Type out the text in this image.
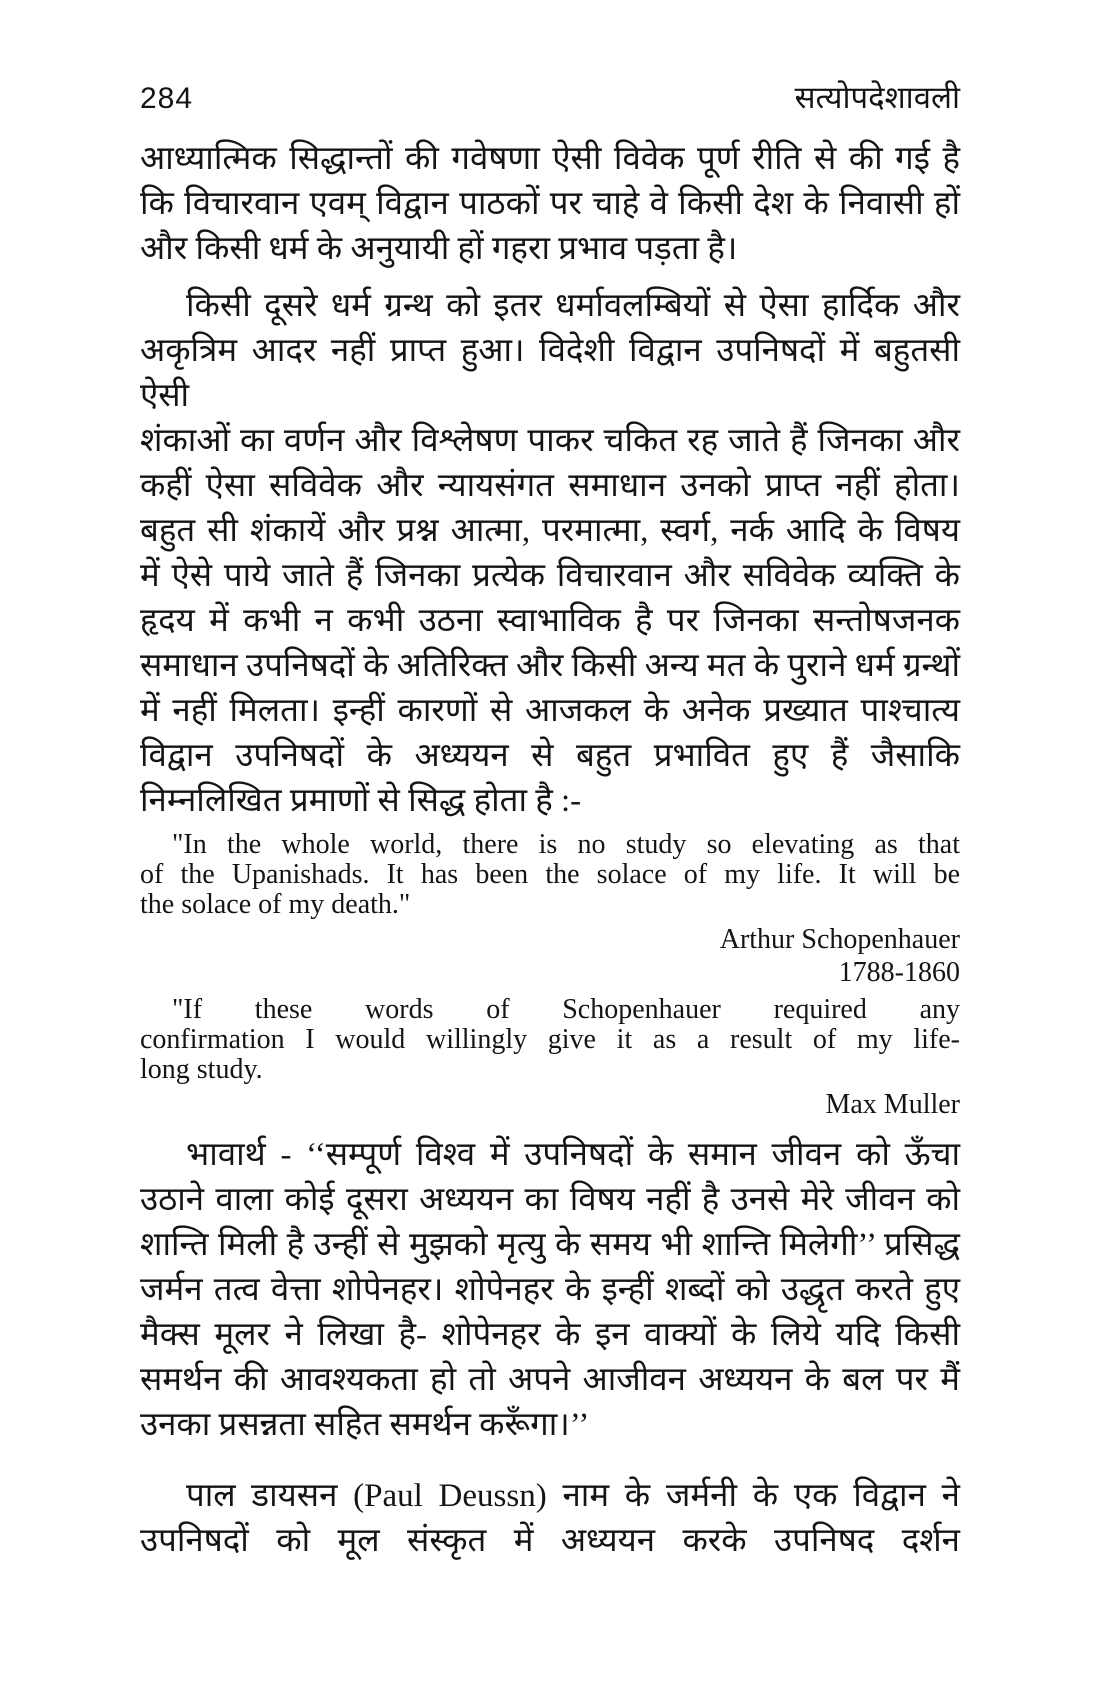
284	सत्योपदेशावली
आध्यात्मिक सिद्धान्तों की गवेषणा ऐसी विवेक पूर्ण रीति से की गई है
कि विचारवान एवम् विद्वान पाठकों पर चाहे वे किसी देश के निवासी हों
और किसी धर्म के अनुयायी हों गहरा प्रभाव पड़ता है।
किसी दूसरे धर्म ग्रन्थ को इतर धर्मावलम्बियों से ऐसा हार्दिक और
अकृत्रिम आदर नहीं प्राप्त हुआ। विदेशी विद्वान उपनिषदों में बहुतसी ऐसी
शंकाओं का वर्णन और विश्लेषण पाकर चकित रह जाते हैं जिनका और
कहीं ऐसा सविवेक और न्यायसंगत समाधान उनको प्राप्त नहीं होता।
बहुत सी शंकायें और प्रश्न आत्मा, परमात्मा, स्वर्ग, नर्क आदि के विषय
में ऐसे पाये जाते हैं जिनका प्रत्येक विचारवान और सविवेक व्यक्ति के
हृदय में कभी न कभी उठना स्वाभाविक है पर जिनका सन्तोषजनक
समाधान उपनिषदों के अतिरिक्त और किसी अन्य मत के पुराने धर्म ग्रन्थों
में नहीं मिलता। इन्हीं कारणों से आजकल के अनेक प्रख्यात पाश्चात्य
विद्वान उपनिषदों के अध्ययन से बहुत प्रभावित हुए हैं जैसाकि
निम्नलिखित प्रमाणों से सिद्ध होता है :-
"In the whole world, there is no study so elevating as that
of the Upanishads. It has been the solace of my life. It will be
the solace of my death."
Arthur Schopenhauer
1788-1860
"If these words of Schopenhauer required any
confirmation I would willingly give it as a result of my life-
long study.
Max Muller
भावार्थ - ‘‘सम्पूर्ण विश्व में उपनिषदों के समान जीवन को ऊँचा
उठाने वाला कोई दूसरा अध्ययन का विषय नहीं है उनसे मेरे जीवन को
शान्ति मिली है उन्हीं से मुझको मृत्यु के समय भी शान्ति मिलेगी’’ प्रसिद्ध
जर्मन तत्व वेत्ता शोपेनहर। शोपेनहर के इन्हीं शब्दों को उद्धृत करते हुए
मैक्स मूलर ने लिखा है- शोपेनहर के इन वाक्यों के लिये यदि किसी
समर्थन की आवश्यकता हो तो अपने आजीवन अध्ययन के बल पर मैं
उनका प्रसन्नता सहित समर्थन करूँगा।’’
पाल डायसन (Paul Deussn) नाम के जर्मनी के एक विद्वान ने
उपनिषदों को मूल संस्कृत में अध्ययन करके उपनिषद दर्शन
